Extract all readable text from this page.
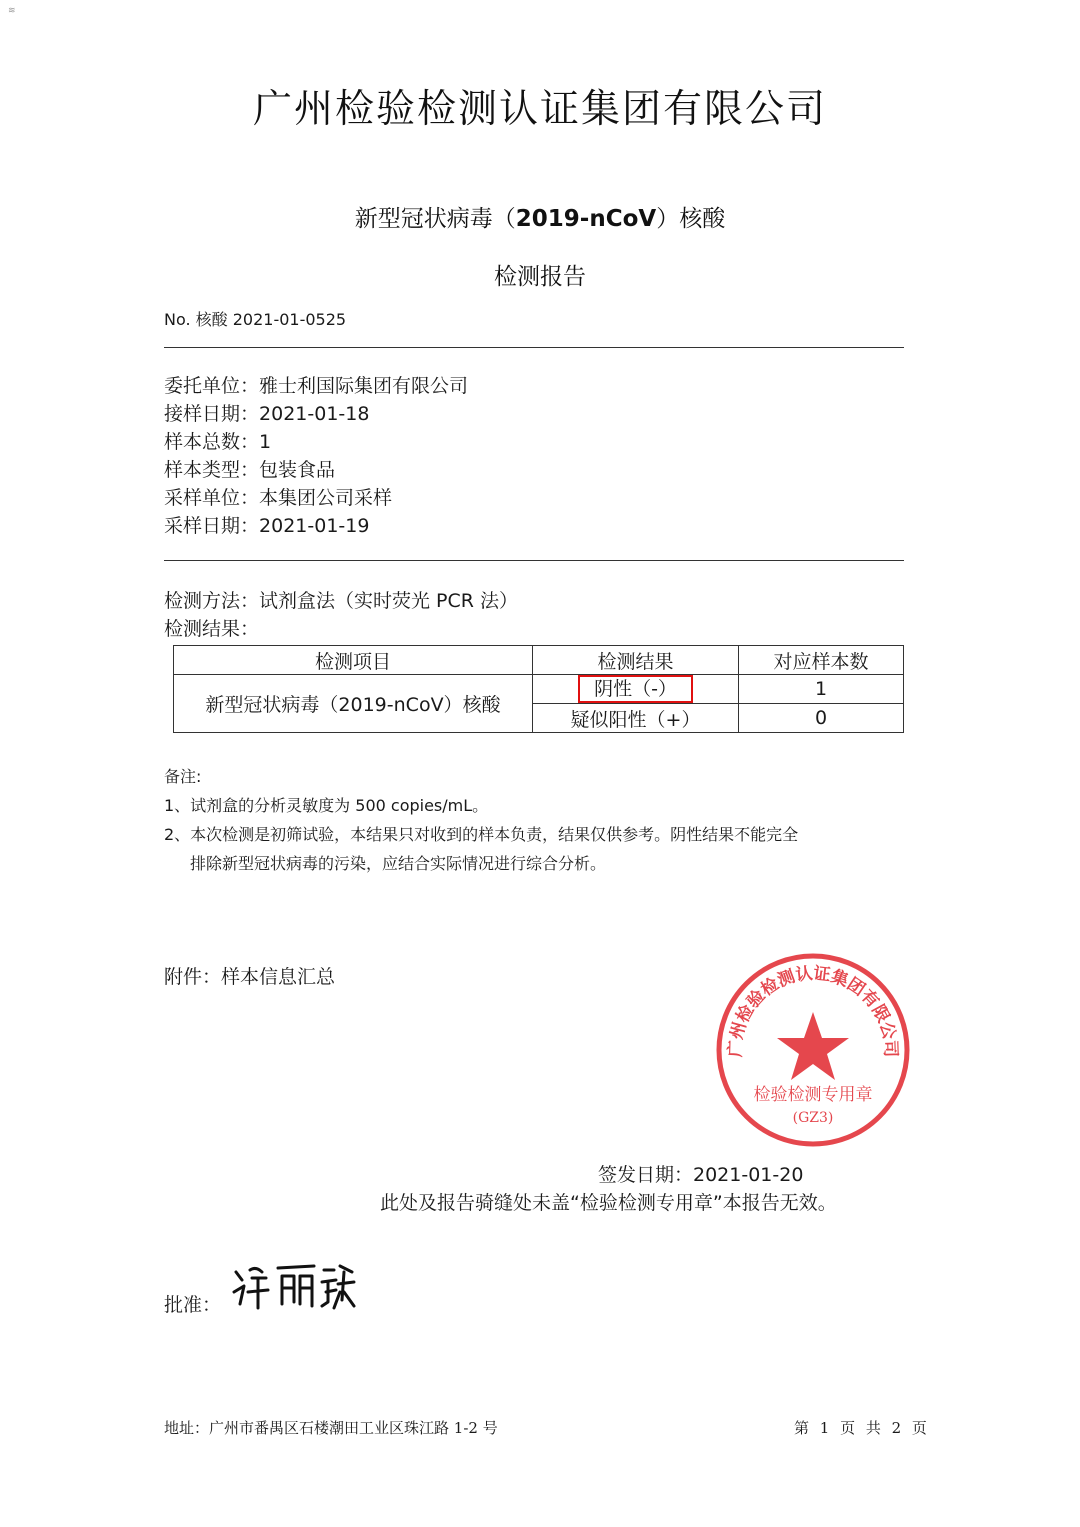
≋
广州检验检测认证集团有限公司
新型冠状病毒（2019-nCoV）核酸
检测报告
No. 核酸 2021-01-0525
委托单位：雅士利国际集团有限公司
接样日期：2021-01-18
样本总数：1
样本类型：包装食品
采样单位：本集团公司采样
采样日期：2021-01-19
检测方法：试剂盒法（实时荧光 PCR 法）
检测结果：
检测项目	检测结果	对应样本数
新型冠状病毒（2019-nCoV）核酸	阴性（-）	1
	疑似阳性（+）	0
备注:
1、试剂盒的分析灵敏度为 500 copies/mL。
2、本次检测是初筛试验，本结果只对收到的样本负责，结果仅供参考。阴性结果不能完全
排除新型冠状病毒的污染，应结合实际情况进行综合分析。
附件：样本信息汇总
广州检验检测认证集团有限公司
检验检测专用章
(GZ3)
签发日期：2021-01-20
此处及报告骑缝处未盖“检验检测专用章”本报告无效。
批准：
地址：广州市番禺区石楼潮田工业区珠江路 1-2 号	第 1 页 共 2 页
